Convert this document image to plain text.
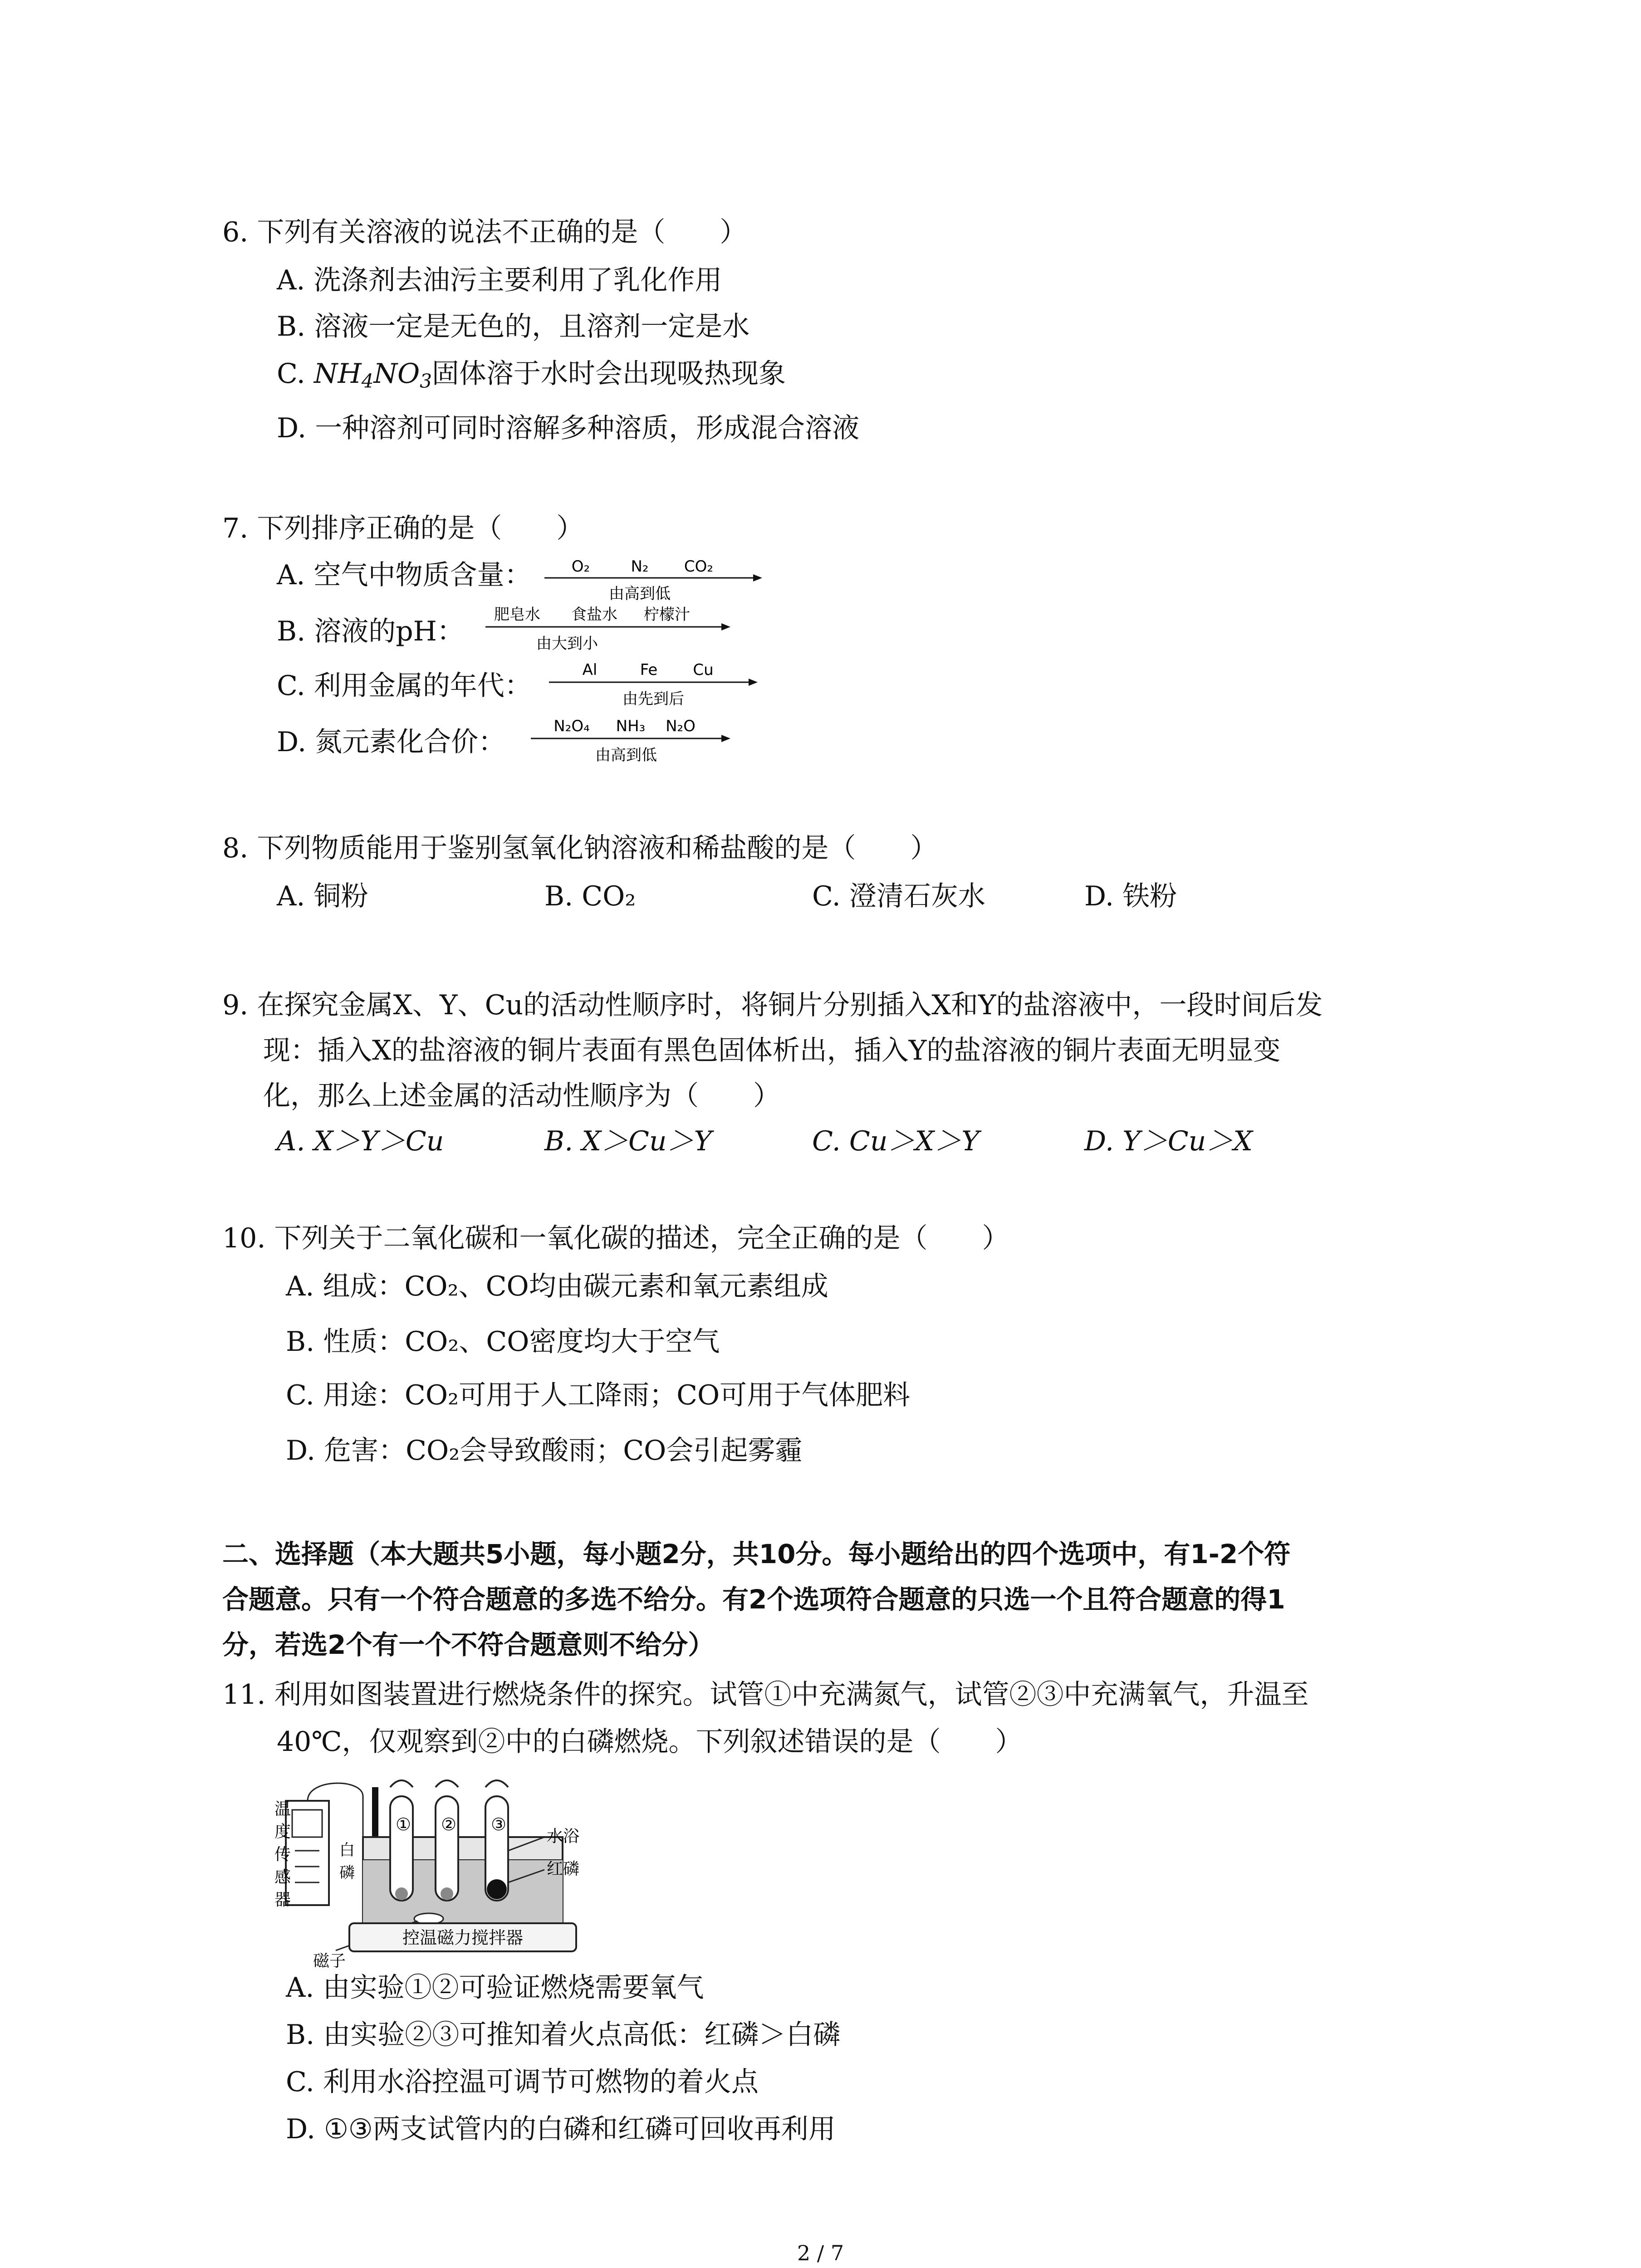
6. 下列有关溶液的说法不正确的是（　　）
A. 洗涤剂去油污主要利用了乳化作用
B. 溶液一定是无色的，且溶剂一定是水
C. $NH_4NO_3$固体溶于水时会出现吸热现象
D. 一种溶剂可同时溶解多种溶质，形成混合溶液
7. 下列排序正确的是（　　）
A. 空气中物质含量：	O₂	N₂ CO₂
由高到低
B. 溶液的pH：
肥皂水 食盐水 柠檬汁
由大到小
C. 利用金属的年代：	Al	Fe Cu
由先到后
D. 氮元素化合价：	N₂O₄ NH₃ N₂O
由高到低
8. 下列物质能用于鉴别氢氧化钠溶液和稀盐酸的是（　　）
A. 铜粉	B. CO₂	C. 澄清石灰水	D. 铁粉
9. 在探究金属X、Y、Cu的活动性顺序时，将铜片分别插入X和Y的盐溶液中，一段时间后发
现：插入X的盐溶液的铜片表面有黑色固体析出，插入Y的盐溶液的铜片表面无明显变
化，那么上述金属的活动性顺序为（　　）
A. X＞Y＞Cu	B. X＞Cu＞Y	C. Cu＞X＞Y	D. Y＞Cu＞X
10. 下列关于二氧化碳和一氧化碳的描述，完全正确的是（　　）
A. 组成：CO₂、CO均由碳元素和氧元素组成
B. 性质：CO₂、CO密度均大于空气
C. 用途：CO₂可用于人工降雨；CO可用于气体肥料
D. 危害：CO₂会导致酸雨；CO会引起雾霾
二、选择题（本大题共5小题，每小题2分，共10分。每小题给出的四个选项中，有1-2个符
合题意。只有一个符合题意的多选不给分。有2个选项符合题意的只选一个且符合题意的得1
分，若选2个有一个不符合题意则不给分）
11. 利用如图装置进行燃烧条件的探究。试管①中充满氮气，试管②③中充满氧气，升温至
40℃，仅观察到②中的白磷燃烧。下列叙述错误的是（　　）
温
度
传
感
器
白
磷
① ② ③
水浴
红磷
磁子
控温磁力搅拌器
A. 由实验①②可验证燃烧需要氧气
B. 由实验②③可推知着火点高低：红磷＞白磷
C. 利用水浴控温可调节可燃物的着火点
D. ①③两支试管内的白磷和红磷可回收再利用
2 / 7
